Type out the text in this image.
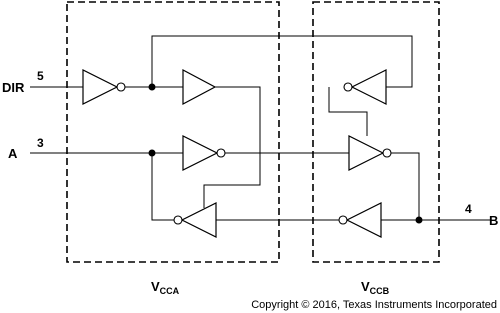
DIR
5
A
3
B
4
$V_{CCA}$	$V_{CCB}$
Copyright © 2016, Texas Instruments Incorporated
